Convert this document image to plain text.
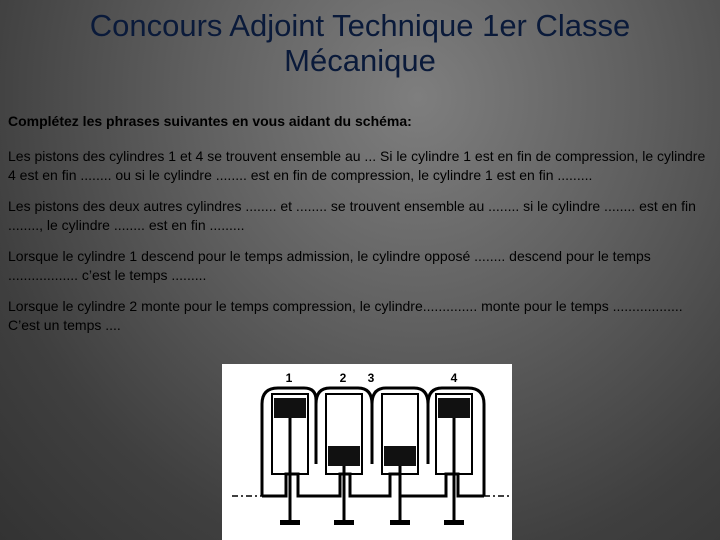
Concours Adjoint Technique 1er Classe
Mécanique

Complétez les phrases suivantes en vous aidant du schéma:

Les pistons des cylindres 1 et 4 se trouvent ensemble au ... Si le cylindre 1 est en fin de compression, le cylindre 4 est en fin ........ ou si le cylindre ........ est en fin de compression, le cylindre 1 est en fin .........

Les pistons des deux autres cylindres ........ et ........ se trouvent ensemble au ........ si le cylindre ........ est en fin ........, le cylindre ........ est en fin .........

Lorsque le cylindre 1 descend pour le temps admission, le cylindre opposé ........ descend pour le temps .................. c’est le temps .........

Lorsque le cylindre 2 monte pour le temps compression, le cylindre.............. monte pour le temps .................. C’est un temps ....

1	2 3	4
